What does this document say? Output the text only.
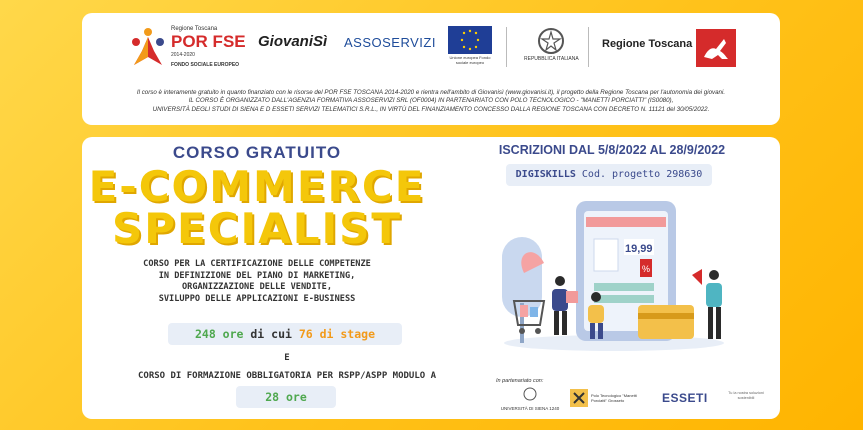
Regione Toscana
POR FSE
2014-2020
FONDO SOCIALE EUROPEO
GiovaniSì ASSOSERVIZI
Unione europea Fondo sociale europeo
REPUBBLICA ITALIANA
Regione Toscana
Il corso è interamente gratuito in quanto finanziato con le risorse del POR FSE TOSCANA 2014-2020 e rientra nell'ambito di Giovanisì (www.giovanisi.it), il progetto della Regione Toscana per l'autonomia dei giovani.
IL CORSO È ORGANIZZATO DALL'AGENZIA FORMATIVA ASSOSERVIZI SRL (OF0004) IN PARTENARIATO CON POLO TECNOLOGICO - "MANETTI PORCIATTI" (IS0080),
UNIVERSITÀ DEGLI STUDI DI SIENA E D ESSETI SERVIZI TELEMATICI S.R.L., IN VIRTÙ DEL FINANZIAMENTO CONCESSO DALLA REGIONE TOSCANA CON DECRETO N. 11121 del 30/05/2022.
CORSO GRATUITO
E-COMMERCE
SPECIALIST
CORSO PER LA CERTIFICAZIONE DELLE COMPETENZE
IN DEFINIZIONE DEL PIANO DI MARKETING,
ORGANIZZAZIONE DELLE VENDITE,
SVILUPPO DELLE APPLICAZIONI E-BUSINESS
248 ore di cui 76 di stage
E
CORSO DI FORMAZIONE OBBLIGATORIA PER RSPP/ASPP MODULO A
28 ore
ISCRIZIONI DAL 5/8/2022 AL 28/9/2022
DIGISKILLS Cod. progetto 298630
19,99
%
In partenariato con:
UNIVERSITÀ DI SIENA 1240
Polo Tecnologico "Manetti Porciatti" Grosseto	ESSETI	Tu la nostra soluzioni sostenibili
